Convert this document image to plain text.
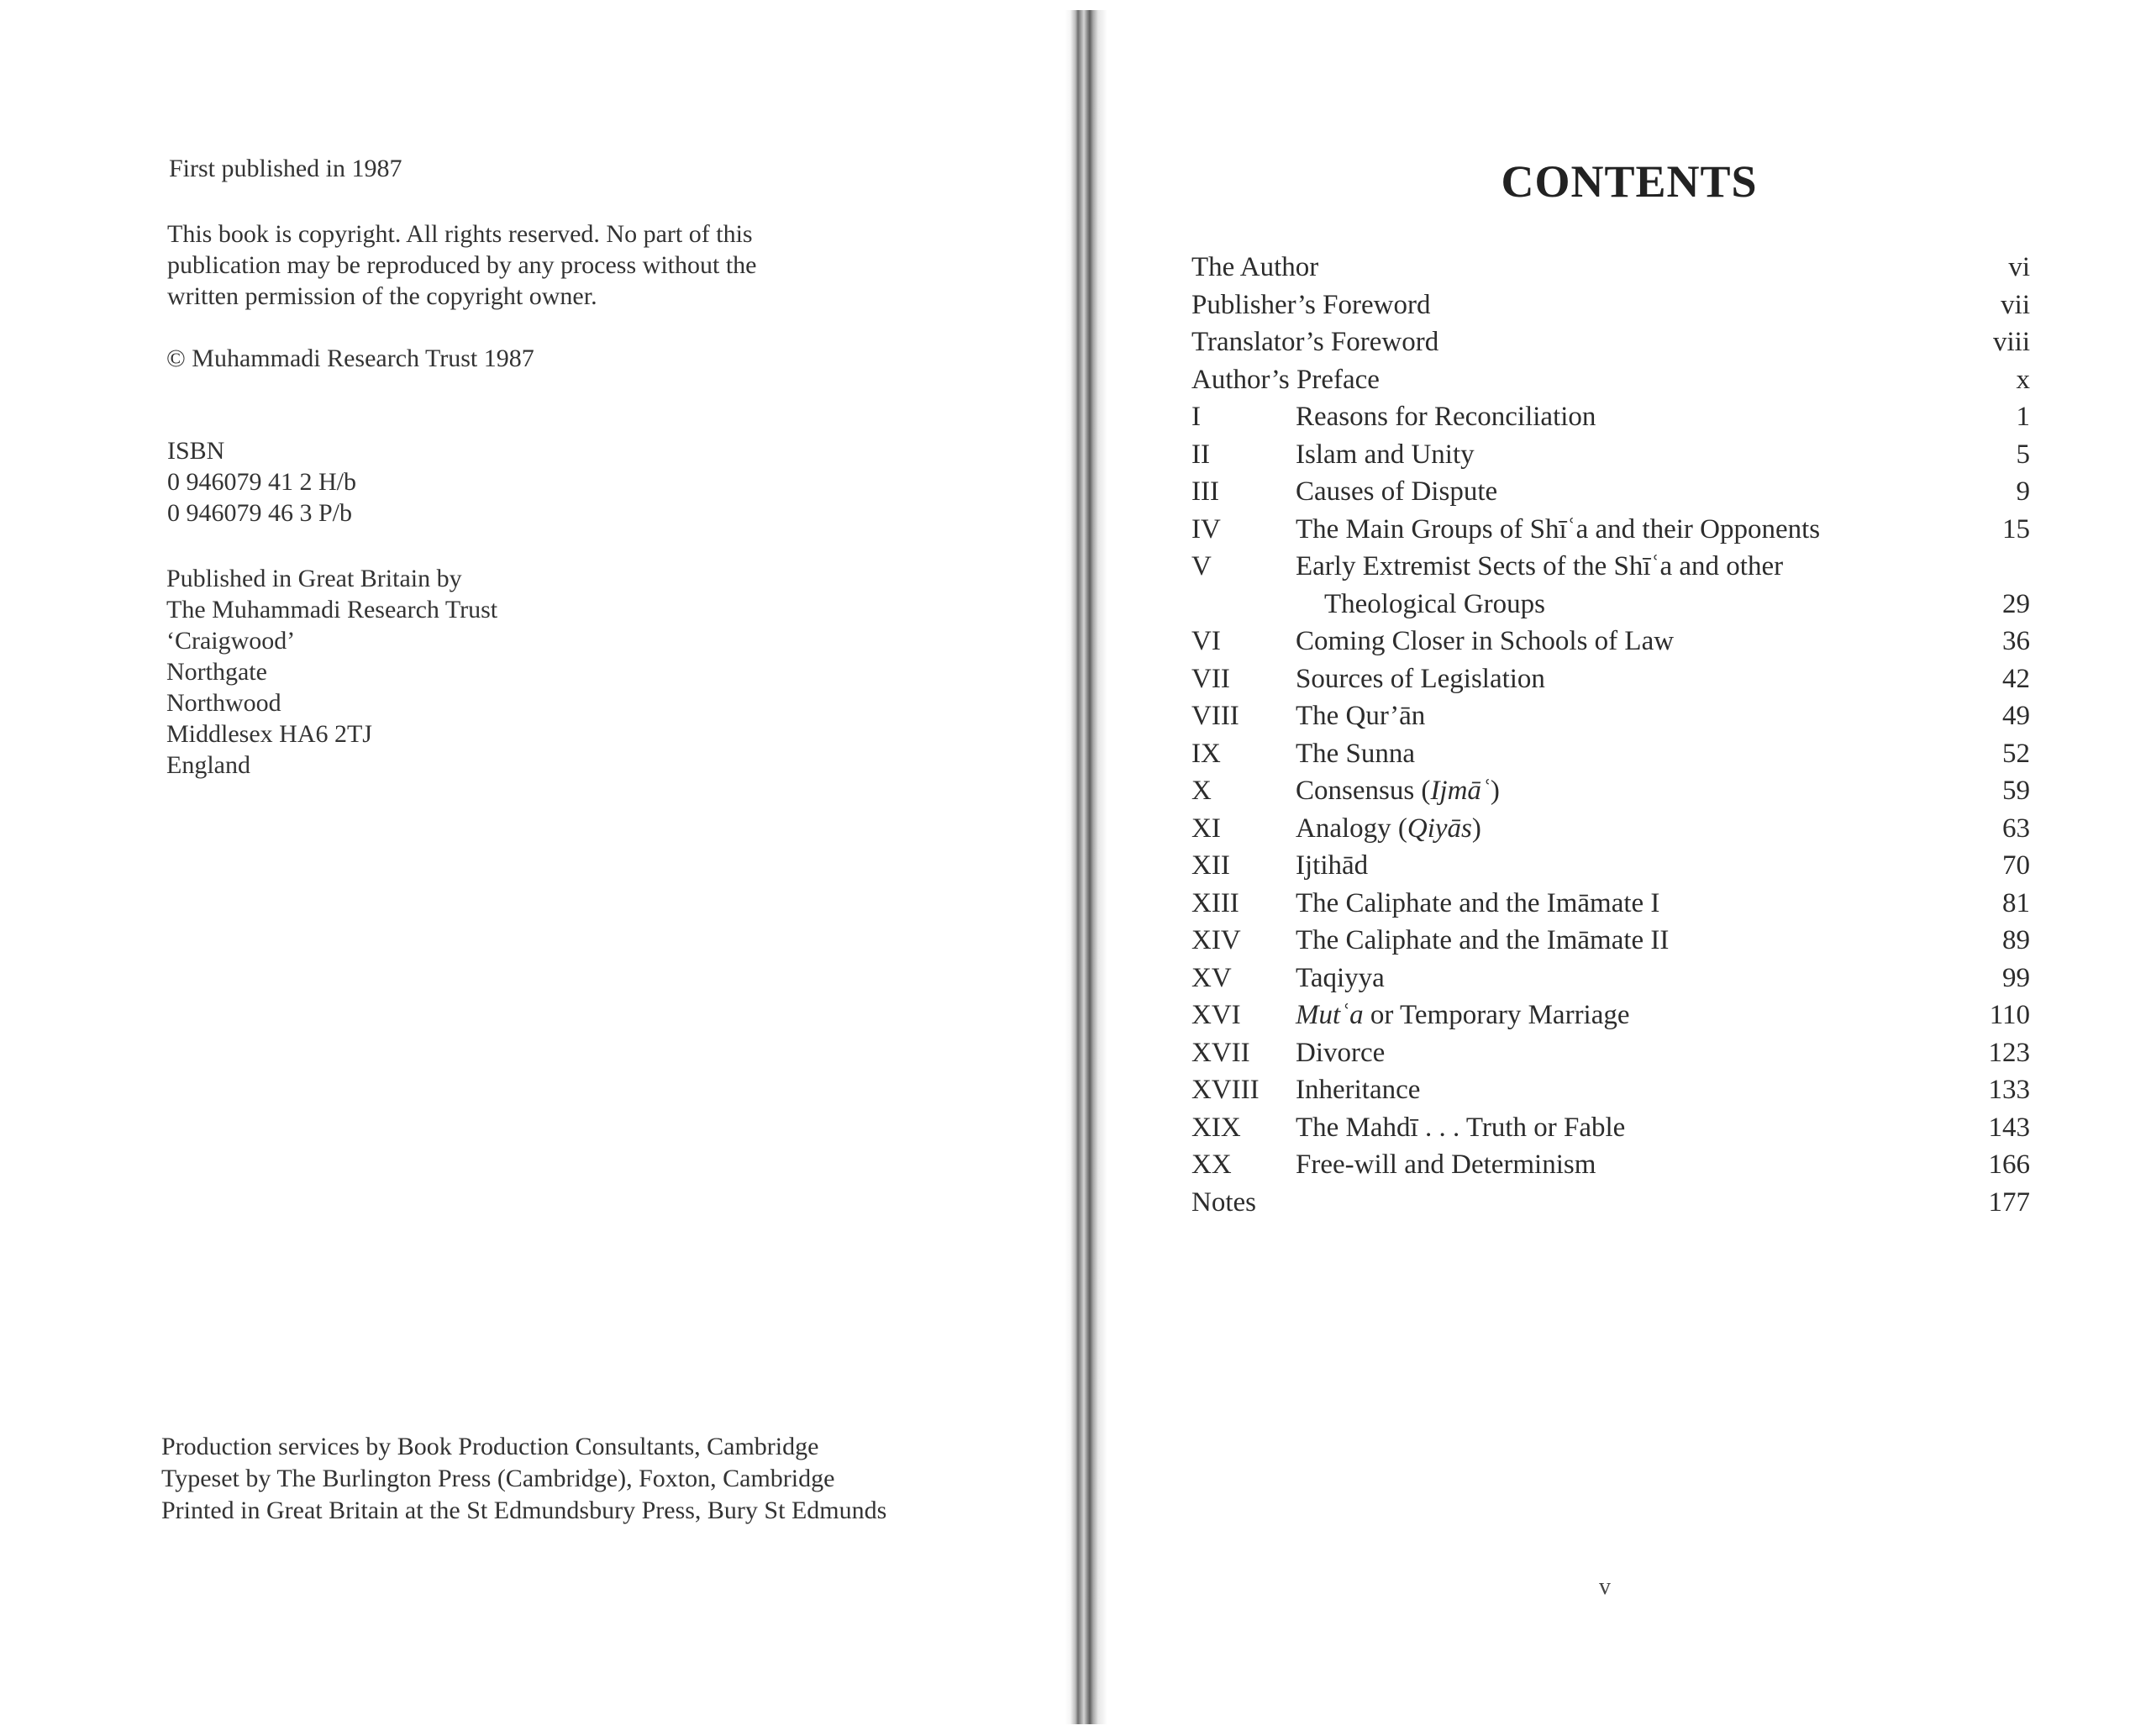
First published in 1987
This book is copyright. All rights reserved. No part of this
publication may be reproduced by any process without the
written permission of the copyright owner.
© Muhammadi Research Trust 1987
ISBN
0 946079 41 2 H/b
0 946079 46 3 P/b
Published in Great Britain by
The Muhammadi Research Trust
‘Craigwood’
Northgate
Northwood
Middlesex HA6 2TJ
England
Production services by Book Production Consultants, Cambridge
Typeset by The Burlington Press (Cambridge), Foxton, Cambridge
Printed in Great Britain at the St Edmundsbury Press, Bury St Edmunds
CONTENTS
The Author	vi
Publisher’s Foreword	vii
Translator’s Foreword	viii
Author’s Preface	x
I	Reasons for Reconciliation	1
II	Islam and Unity	5
III	Causes of Dispute	9
IV	The Main Groups of Shīʿa and their Opponents	15
V	Early Extremist Sects of the Shīʿa and other
Theological Groups	29
VI	Coming Closer in Schools of Law	36
VII Sources of Legislation	42
VIII The Qur’ān	49
IX	The Sunna	52
X	Consensus (Ijmāʿ)	59
XI	Analogy (Qiyās)	63
XII Ijtihād	70
XIII The Caliphate and the Imāmate I	81
XIV The Caliphate and the Imāmate II	89
XV Taqiyya	99
XVI Mutʿa or Temporary Marriage	110
XVII Divorce	123
XVIII Inheritance	133
XIX The Mahdī . . . Truth or Fable	143
XX Free-will and Determinism	166
Notes	177
v
